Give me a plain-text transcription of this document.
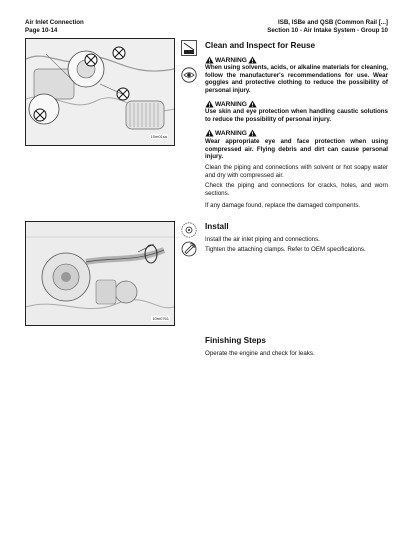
Air Inlet Connection
Page 10-14
ISB, ISBe and QSB (Common Rail [...]
Section 10 - Air Intake System - Group 10
10m01sa
10m0761
Clean and Inspect for Reuse
WARNING
When using solvents, acids, or alkaline materials for cleaning, follow the manufacturer's recommendations for use. Wear goggles and protective clothing to reduce the possibility of personal injury.
WARNING
Use skin and eye protection when handling caustic solutions to reduce the possibility of personal injury.
WARNING
Wear appropriate eye and face protection when using compressed air. Flying debris and dirt can cause personal injury.
Clean the piping and connections with solvent or hot soapy water and dry with compressed air.
Check the piping and connections for cracks, holes, and worn sections.
If any damage found, replace the damaged components.
Install
Install the air inlet piping and connections.
Tighten the attaching clamps. Refer to OEM specifications.
Finishing Steps
Operate the engine and check for leaks.
